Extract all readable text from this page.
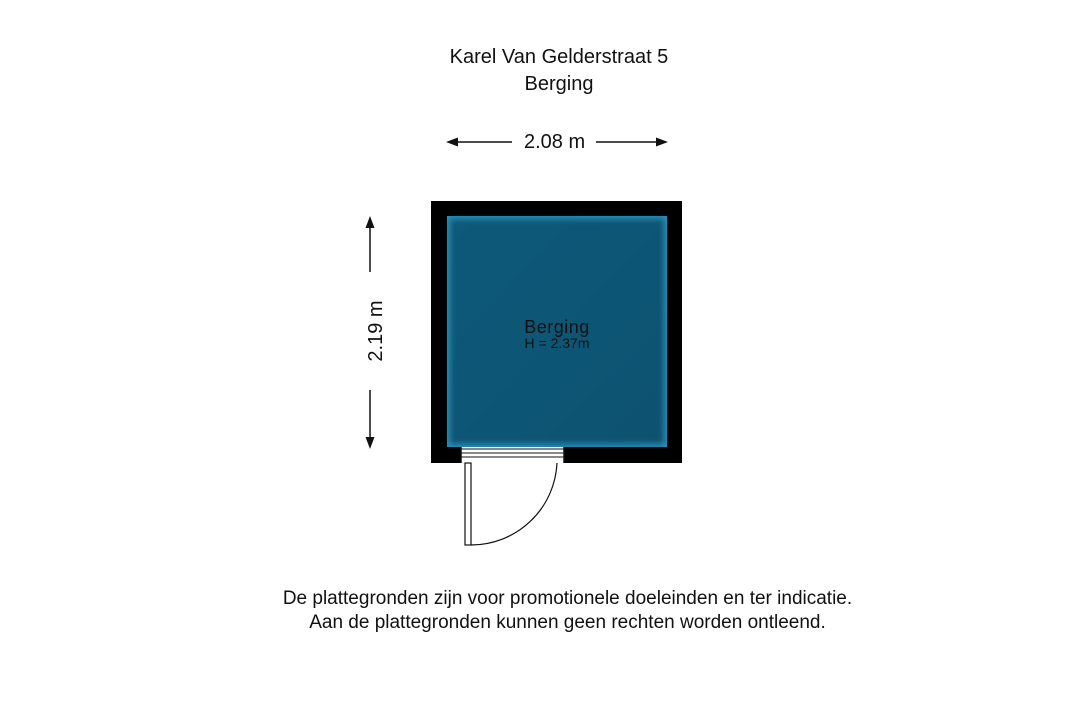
Karel Van Gelderstraat 5
Berging
2.08 m
2.19 m	Berging
H = 2.37m
De plattegronden zijn voor promotionele doeleinden en ter indicatie.
Aan de plattegronden kunnen geen rechten worden ontleend.
